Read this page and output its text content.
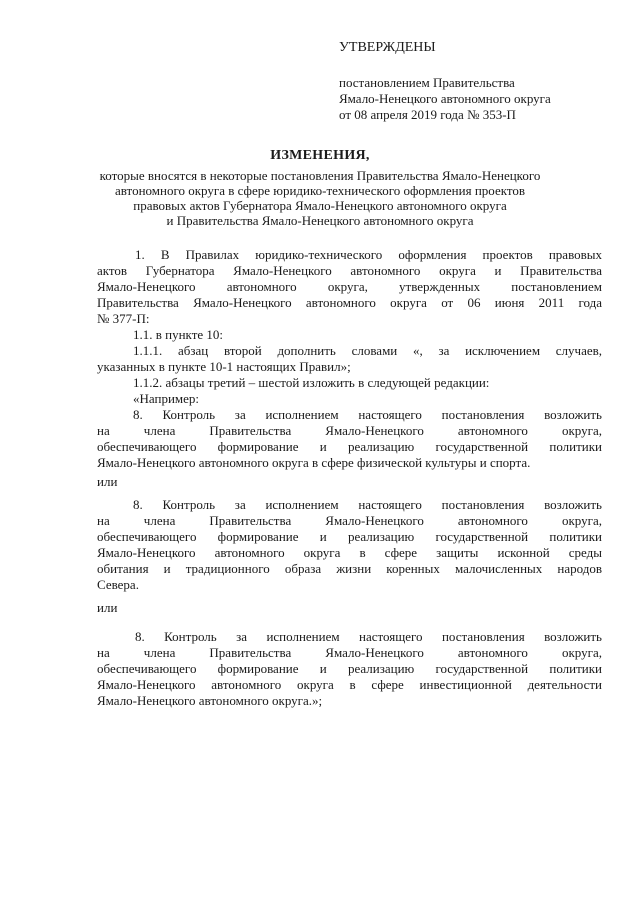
УТВЕРЖДЕНЫ
постановлением Правительства
Ямало-Ненецкого автономного округа
от 08 апреля 2019 года № 353-П
ИЗМЕНЕНИЯ,
которые вносятся в некоторые постановления Правительства Ямало-Ненецкого
автономного округа в сфере юридико-технического оформления проектов
правовых актов Губернатора Ямало-Ненецкого автономного округа
и Правительства Ямало-Ненецкого автономного округа
1. В Правилах юридико-технического оформления проектов правовых
актов Губернатора Ямало-Ненецкого автономного округа и Правительства
Ямало-Ненецкого автономного округа, утвержденных постановлением
Правительства Ямало-Ненецкого автономного округа от 06 июня 2011 года
№ 377-П:
1.1. в пункте 10:
1.1.1. абзац второй дополнить словами «, за исключением случаев,
указанных в пункте 10-1 настоящих Правил»;
1.1.2. абзацы третий – шестой изложить в следующей редакции:
«Например:
8. Контроль за исполнением настоящего постановления возложить
на члена Правительства Ямало-Ненецкого автономного округа,
обеспечивающего формирование и реализацию государственной политики
Ямало-Ненецкого автономного округа в сфере физической культуры и спорта.
или
8. Контроль за исполнением настоящего постановления возложить
на члена Правительства Ямало-Ненецкого автономного округа,
обеспечивающего формирование и реализацию государственной политики
Ямало-Ненецкого автономного округа в сфере защиты исконной среды
обитания и традиционного образа жизни коренных малочисленных народов
Севера.
или
8. Контроль за исполнением настоящего постановления возложить
на члена Правительства Ямало-Ненецкого автономного округа,
обеспечивающего формирование и реализацию государственной политики
Ямало-Ненецкого автономного округа в сфере инвестиционной деятельности
Ямало-Ненецкого автономного округа.»;
